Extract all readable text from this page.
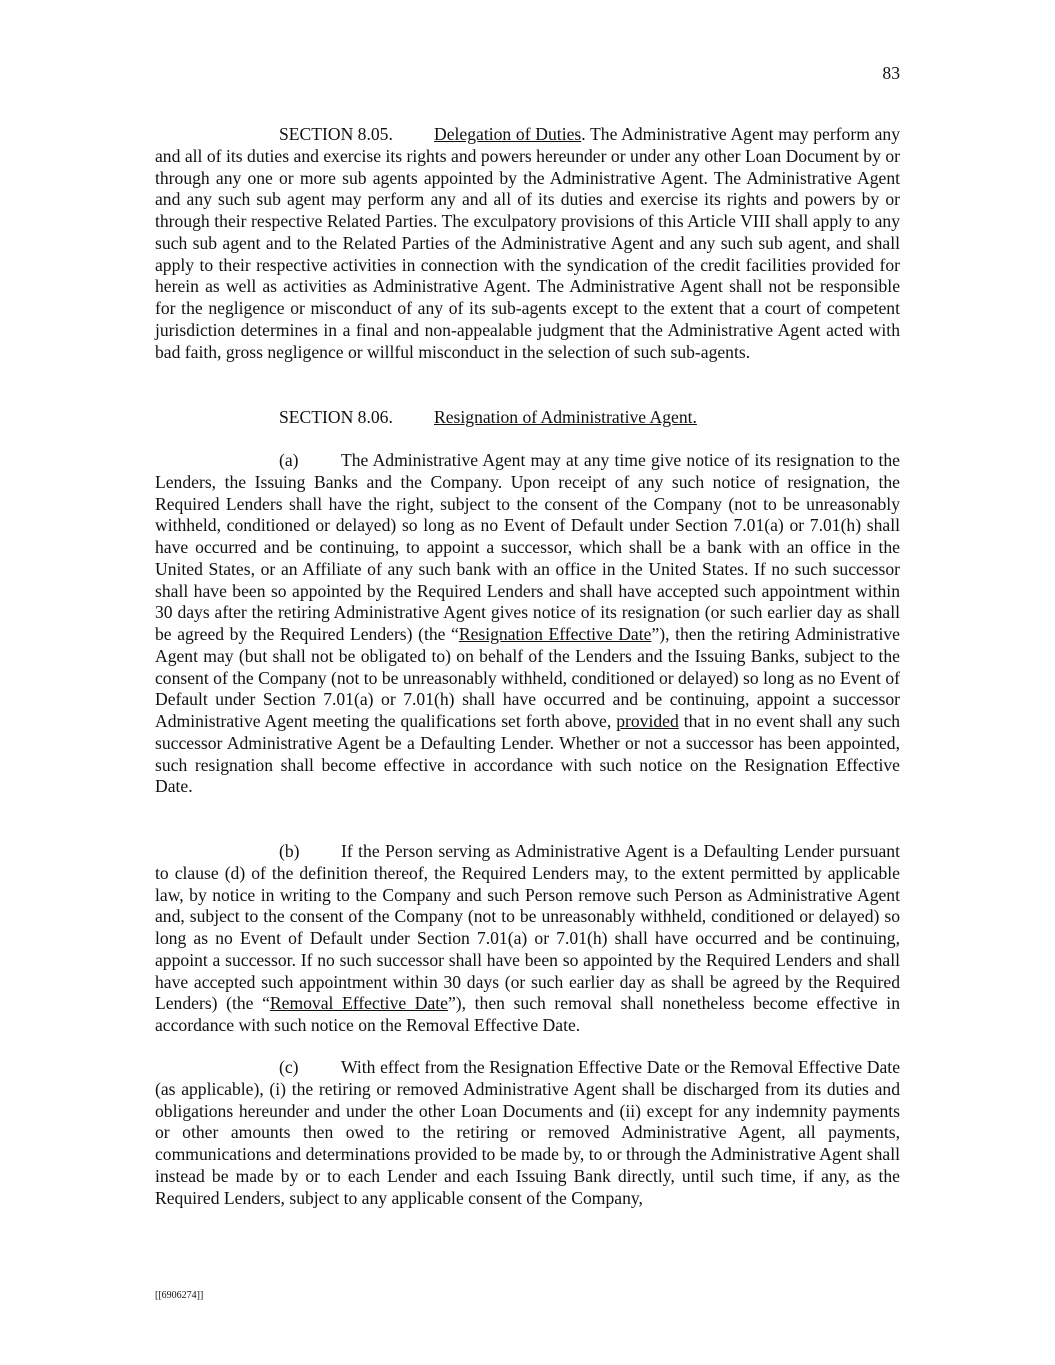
83

SECTION 8.05. Delegation of Duties. The Administrative Agent may perform any and all of its duties and exercise its rights and powers hereunder or under any other Loan Document by or through any one or more sub agents appointed by the Administrative Agent. The Administrative Agent and any such sub agent may perform any and all of its duties and exercise its rights and powers by or through their respective Related Parties. The exculpatory provisions of this Article VIII shall apply to any such sub agent and to the Related Parties of the Administrative Agent and any such sub agent, and shall apply to their respective activities in connection with the syndication of the credit facilities provided for herein as well as activities as Administrative Agent. The Administrative Agent shall not be responsible for the negligence or misconduct of any of its sub-agents except to the extent that a court of competent jurisdiction determines in a final and non-appealable judgment that the Administrative Agent acted with bad faith, gross negligence or willful misconduct in the selection of such sub-agents.

SECTION 8.06. Resignation of Administrative Agent.

(a) The Administrative Agent may at any time give notice of its resignation to the Lenders, the Issuing Banks and the Company. Upon receipt of any such notice of resignation, the Required Lenders shall have the right, subject to the consent of the Company (not to be unreasonably withheld, conditioned or delayed) so long as no Event of Default under Section 7.01(a) or 7.01(h) shall have occurred and be continuing, to appoint a successor, which shall be a bank with an office in the United States, or an Affiliate of any such bank with an office in the United States. If no such successor shall have been so appointed by the Required Lenders and shall have accepted such appointment within 30 days after the retiring Administrative Agent gives notice of its resignation (or such earlier day as shall be agreed by the Required Lenders) (the “Resignation Effective Date”), then the retiring Administrative Agent may (but shall not be obligated to) on behalf of the Lenders and the Issuing Banks, subject to the consent of the Company (not to be unreasonably withheld, conditioned or delayed) so long as no Event of Default under Section 7.01(a) or 7.01(h) shall have occurred and be continuing, appoint a successor Administrative Agent meeting the qualifications set forth above, provided that in no event shall any such successor Administrative Agent be a Defaulting Lender. Whether or not a successor has been appointed, such resignation shall become effective in accordance with such notice on the Resignation Effective Date.

(b) If the Person serving as Administrative Agent is a Defaulting Lender pursuant to clause (d) of the definition thereof, the Required Lenders may, to the extent permitted by applicable law, by notice in writing to the Company and such Person remove such Person as Administrative Agent and, subject to the consent of the Company (not to be unreasonably withheld, conditioned or delayed) so long as no Event of Default under Section 7.01(a) or 7.01(h) shall have occurred and be continuing, appoint a successor. If no such successor shall have been so appointed by the Required Lenders and shall have accepted such appointment within 30 days (or such earlier day as shall be agreed by the Required Lenders) (the “Removal Effective Date”), then such removal shall nonetheless become effective in accordance with such notice on the Removal Effective Date.

(c) With effect from the Resignation Effective Date or the Removal Effective Date (as applicable), (i) the retiring or removed Administrative Agent shall be discharged from its duties and obligations hereunder and under the other Loan Documents and (ii) except for any indemnity payments or other amounts then owed to the retiring or removed Administrative Agent, all payments, communications and determinations provided to be made by, to or through the Administrative Agent shall instead be made by or to each Lender and each Issuing Bank directly, until such time, if any, as the Required Lenders, subject to any applicable consent of the Company,

[[6906274]]
